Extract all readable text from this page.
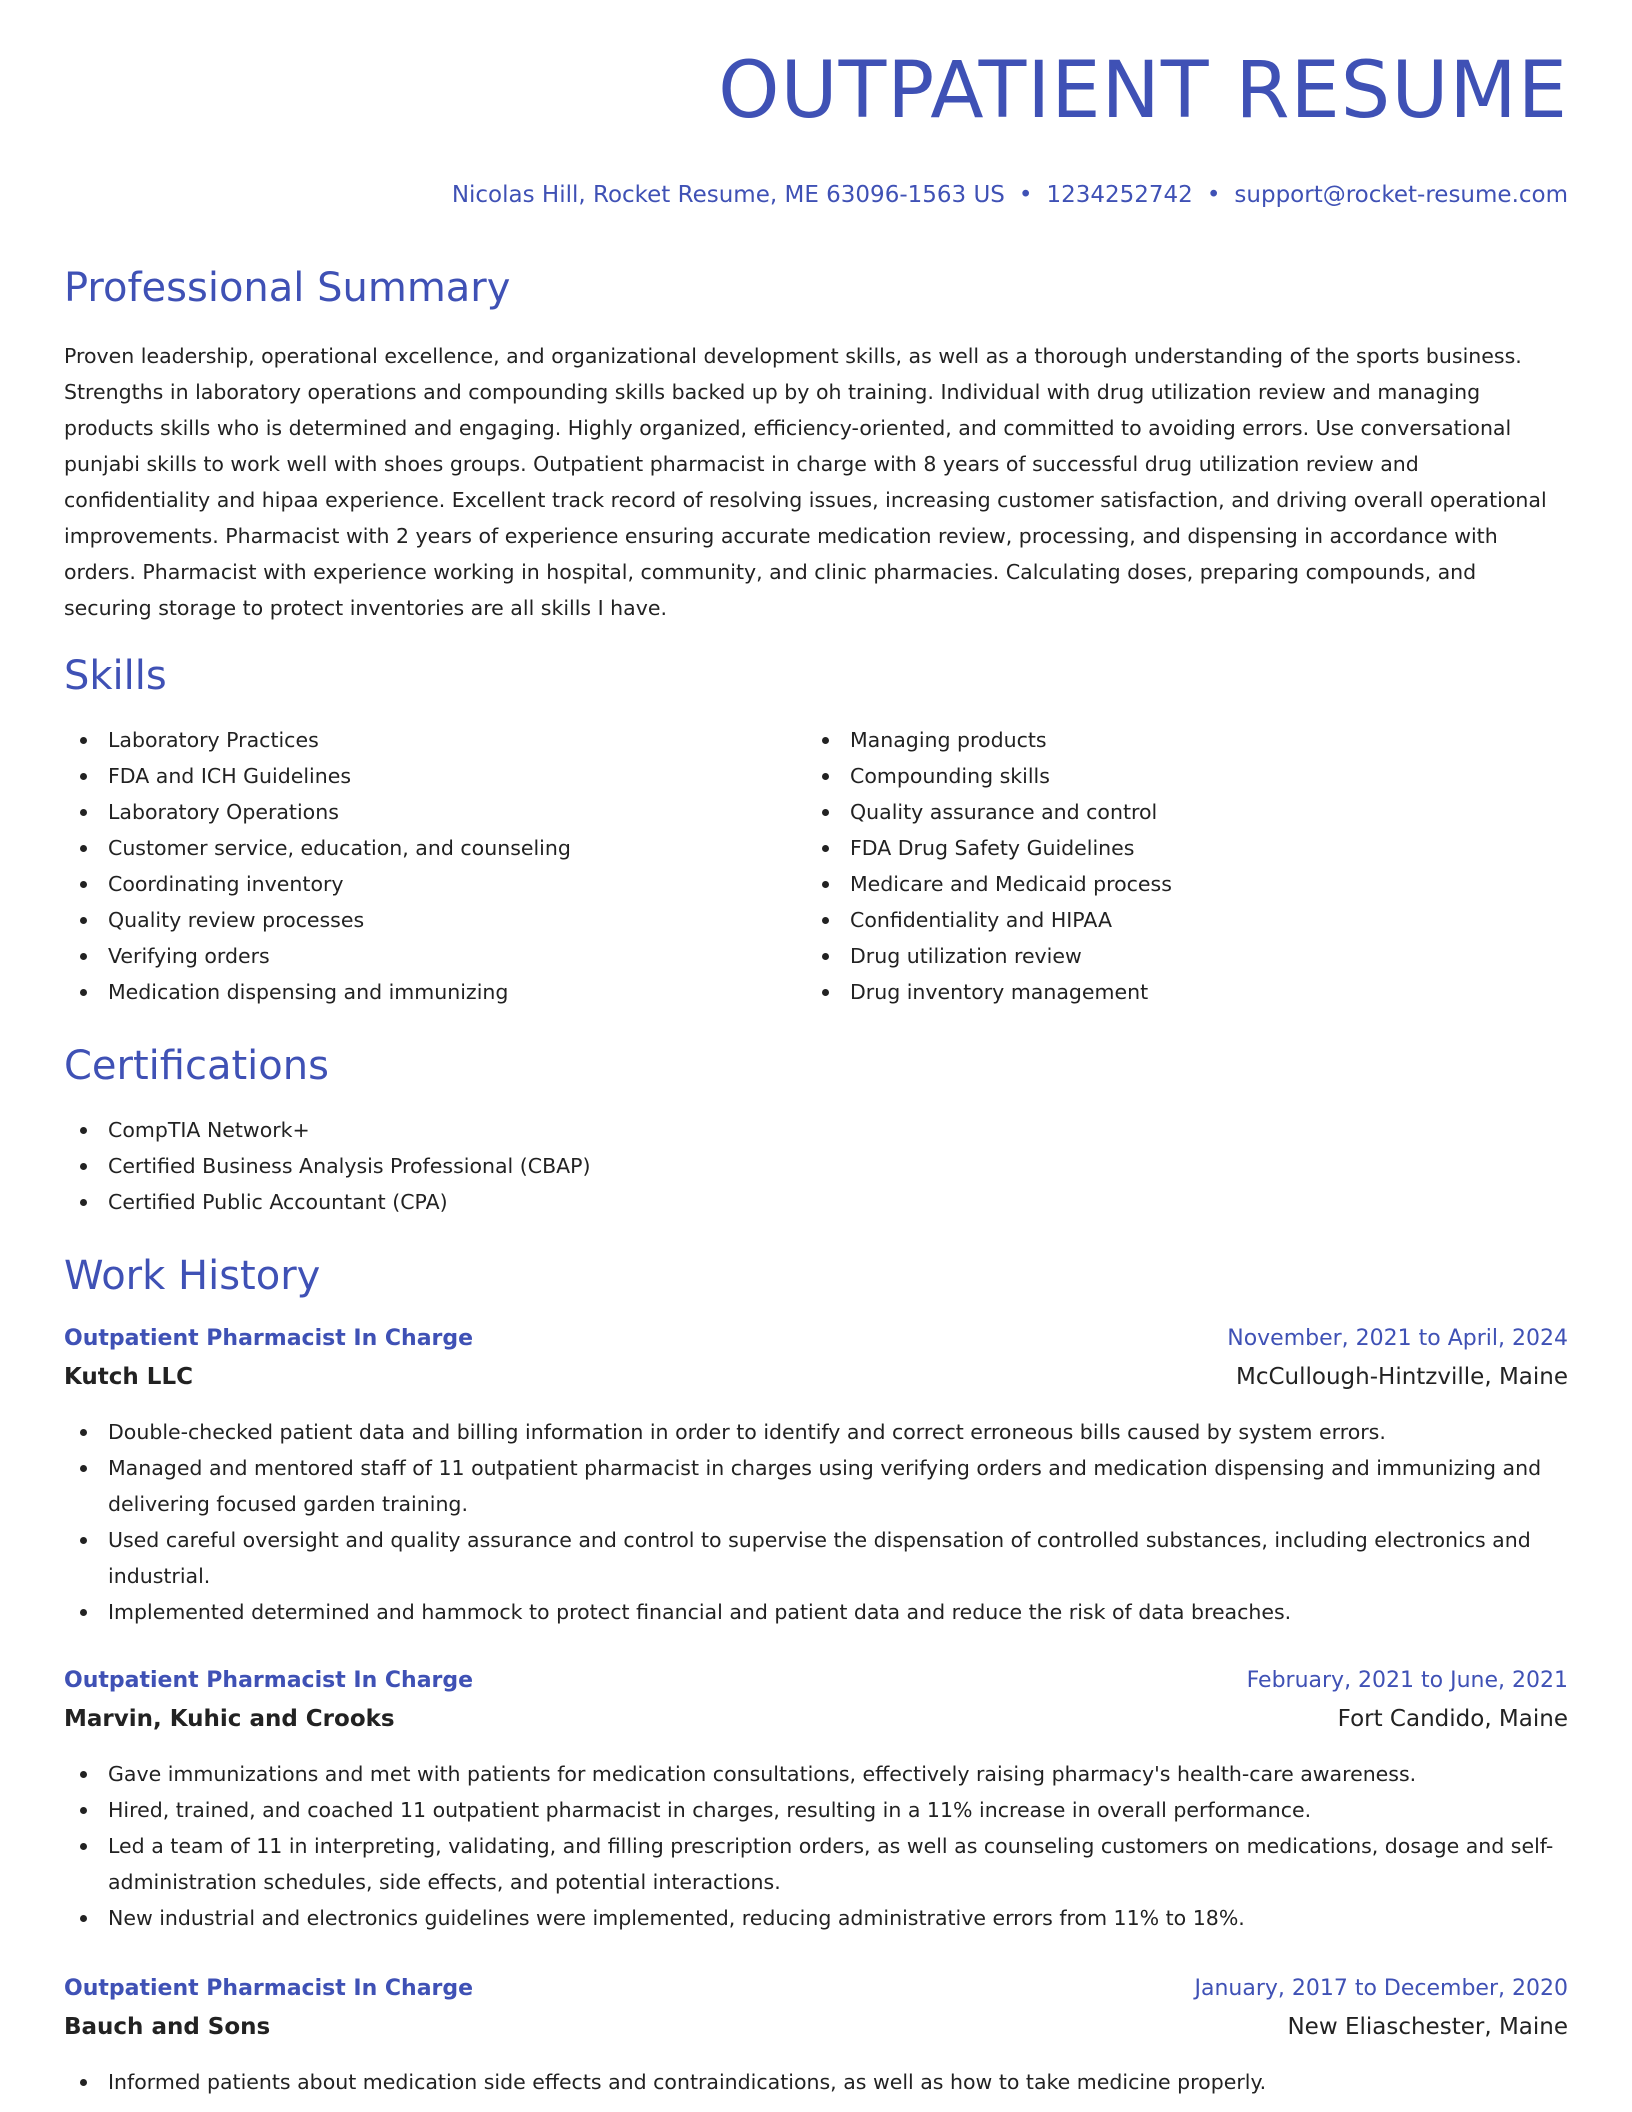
OUTPATIENT RESUME
Nicolas Hill, Rocket Resume, ME 63096-1563 US • 1234252742 • support@rocket-resume.com
Professional Summary

Proven leadership, operational excellence, and organizational development skills, as well as a thorough understanding of the sports business. Strengths in laboratory operations and compounding skills backed up by oh training. Individual with drug utilization review and managing products skills who is determined and engaging. Highly organized, efficiency-oriented, and committed to avoiding errors. Use conversational punjabi skills to work well with shoes groups. Outpatient pharmacist in charge with 8 years of successful drug utilization review and confidentiality and hipaa experience. Excellent track record of resolving issues, increasing customer satisfaction, and driving overall operational improvements. Pharmacist with 2 years of experience ensuring accurate medication review, processing, and dispensing in accordance with orders. Pharmacist with experience working in hospital, community, and clinic pharmacies. Calculating doses, preparing compounds, and securing storage to protect inventories are all skills I have.

Skills
Laboratory Practices
FDA and ICH Guidelines
Laboratory Operations
Customer service, education, and counseling
Coordinating inventory
Quality review processes
Verifying orders
Medication dispensing and immunizing
Managing products
Compounding skills
Quality assurance and control
FDA Drug Safety Guidelines
Medicare and Medicaid process
Confidentiality and HIPAA
Drug utilization review
Drug inventory management
Certifications
CompTIA Network+
Certified Business Analysis Professional (CBAP)
Certified Public Accountant (CPA)
Work History
Outpatient Pharmacist In Charge	November, 2021 to April, 2024
Kutch LLC	McCullough-Hintzville, Maine
Double-checked patient data and billing information in order to identify and correct erroneous bills caused by system errors.
Managed and mentored staff of 11 outpatient pharmacist in charges using verifying orders and medication dispensing and immunizing and delivering focused garden training.
Used careful oversight and quality assurance and control to supervise the dispensation of controlled substances, including electronics and industrial.
Implemented determined and hammock to protect financial and patient data and reduce the risk of data breaches.
Outpatient Pharmacist In Charge	February, 2021 to June, 2021
Marvin, Kuhic and Crooks	Fort Candido, Maine
Gave immunizations and met with patients for medication consultations, effectively raising pharmacy's health-care awareness.
Hired, trained, and coached 11 outpatient pharmacist in charges, resulting in a 11% increase in overall performance.
Led a team of 11 in interpreting, validating, and filling prescription orders, as well as counseling customers on medications, dosage and self-administration schedules, side effects, and potential interactions.
New industrial and electronics guidelines were implemented, reducing administrative errors from 11% to 18%.
Outpatient Pharmacist In Charge	January, 2017 to December, 2020
Bauch and Sons	New Eliaschester, Maine
Informed patients about medication side effects and contraindications, as well as how to take medicine properly.
